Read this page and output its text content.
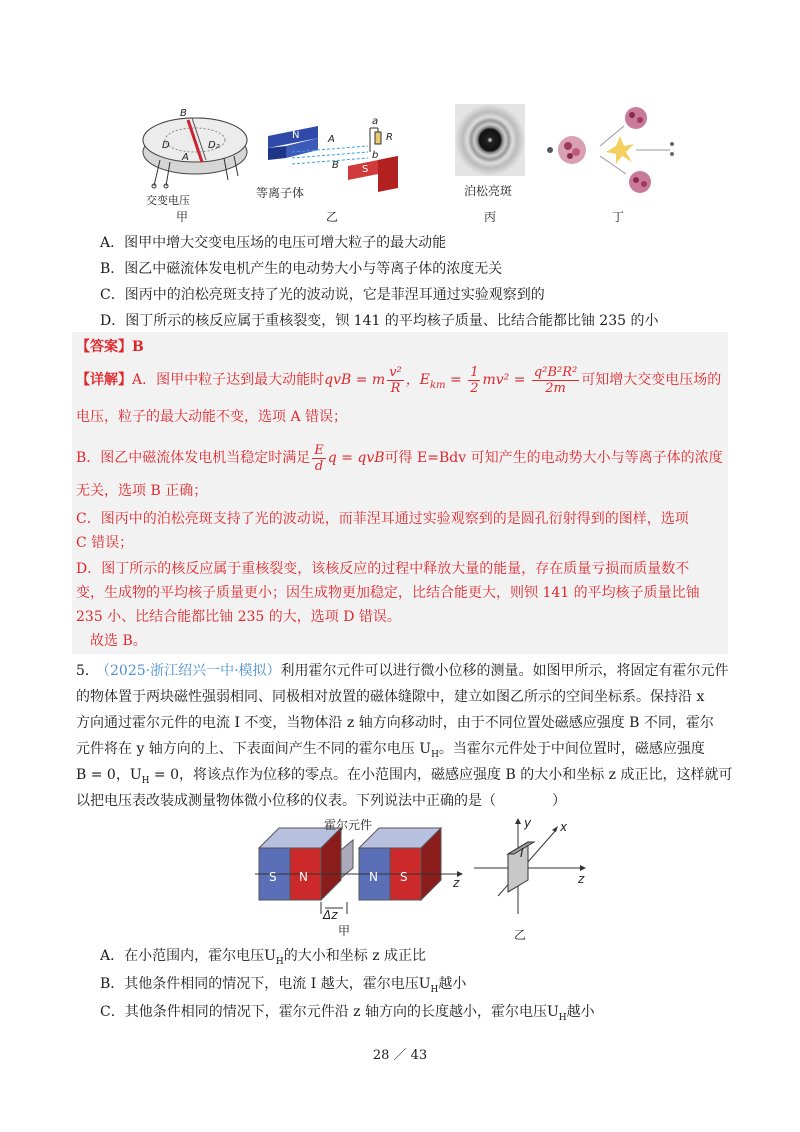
B
D	D₂
A
交变电压
甲
N	A
a
R
b
B S
等离子体
乙
泊松亮斑
丙	丁
A．图甲中增大交变电压场的电压可增大粒子的最大动能
B．图乙中磁流体发电机产生的电动势大小与等离子体的浓度无关
C．图丙中的泊松亮斑支持了光的波动说，它是菲涅耳通过实验观察到的
D．图丁所示的核反应属于重核裂变，钡 141 的平均核子质量、比结合能都比铀 235 的小
【答案】B
【详解】A．图甲中粒子达到最大动能时qvB = m $\frac{\text{v²}}{R}$ ，$E_{km} = \frac{1}{2} mv^2 = \frac{\text{q²B²R²}}{2m}$ 可知增大交变电压场的
电压，粒子的最大动能不变，选项 A 错误；
B．图乙中磁流体发电机当稳定时满足 $\frac{E}{d}$ q = qvB可得 E=Bdv 可知产生的电动势大小与等离子体的浓度
无关，选项 B 正确；
C．图丙中的泊松亮斑支持了光的波动说，而菲涅耳通过实验观察到的是圆孔衍射得到的图样，选项
C 错误；
D．图丁所示的核反应属于重核裂变，该核反应的过程中释放大量的能量，存在质量亏损而质量数不
变，生成物的平均核子质量更小；因生成物更加稳定，比结合能更大，则钡 141 的平均核子质量比铀
235 小、比结合能都比铀 235 的大，选项 D 错误。
故选 B。
5．
（2025·浙江绍兴一中·模拟）利用霍尔元件可以进行微小位移的测量。如图甲所示，将固定有霍尔元件
的物体置于两块磁性强弱相同、同极相对放置的磁体缝隙中，建立如图乙所示的空间坐标系。保持沿 x
方向通过霍尔元件的电流 I 不变，当物体沿 z 轴方向移动时，由于不同位置处磁感应强度 B 不同，霍尔
元件将在 y 轴方向的上、下表面间产生不同的霍尔电压 $U_H$。当霍尔元件处于中间位置时，磁感应强度
B = 0，$U_H = 0$，将该点作为位移的零点。在小范围内，磁感应强度 B 的大小和坐标 z 成正比，这样就可
以把电压表改装成测量物体微小位移的仪表。下列说法中正确的是（　　　　）
S N	N S	z
Δz
霍尔元件
甲
y x
z
I
乙
A．在小范围内，霍尔电压$U_H$的大小和坐标 z 成正比
B．其他条件相同的情况下，电流 I 越大，霍尔电压$U_H$越小
C．其他条件相同的情况下，霍尔元件沿 z 轴方向的长度越小，霍尔电压$U_H$越小
28 ／ 43
